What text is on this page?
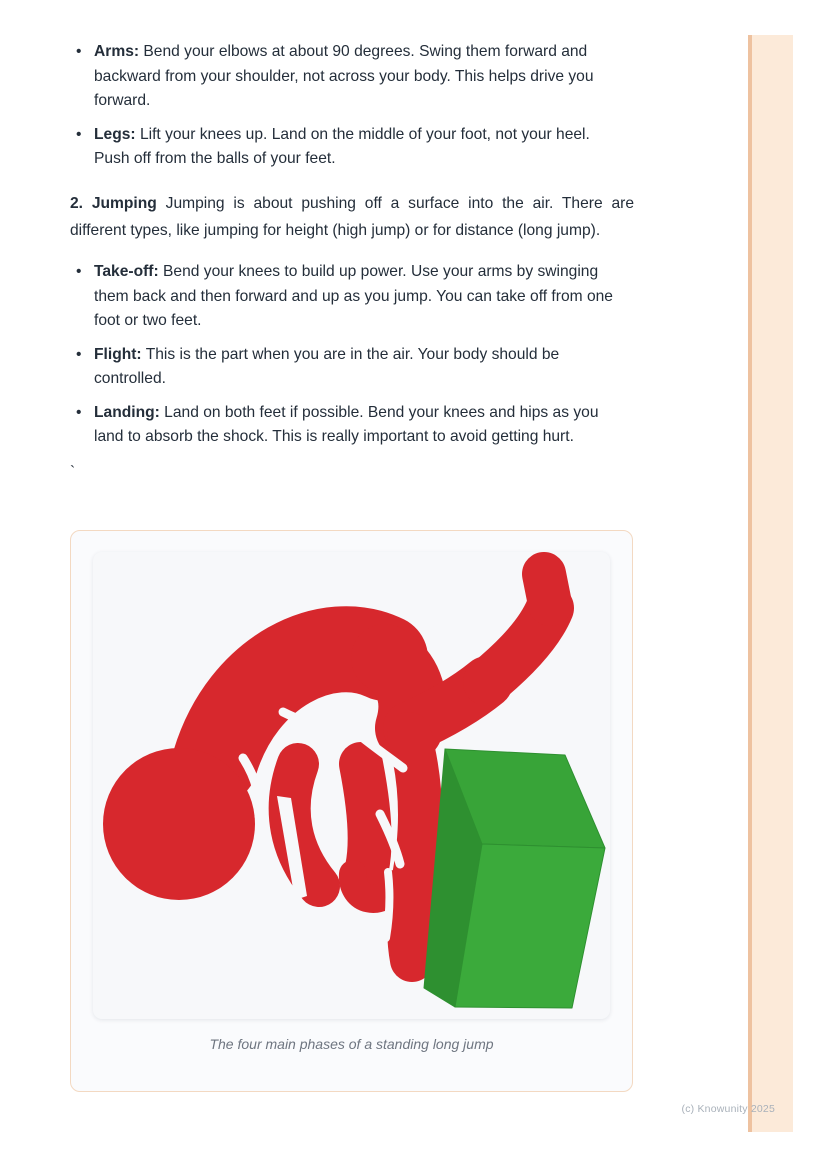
• Arms: Bend your elbows at about 90 degrees. Swing them forward and backward from your shoulder, not across your body. This helps drive you forward.
• Legs: Lift your knees up. Land on the middle of your foot, not your heel. Push off from the balls of your feet.
2. Jumping Jumping is about pushing off a surface into the air. There are different types, like jumping for height (high jump) or for distance (long jump).
• Take-off: Bend your knees to build up power. Use your arms by swinging them back and then forward and up as you jump. You can take off from one foot or two feet.
• Flight: This is the part when you are in the air. Your body should be controlled.
• Landing: Land on both feet if possible. Bend your knees and hips as you land to absorb the shock. This is really important to avoid getting hurt.
`
The four main phases of a standing long jump
(c) Knowunity 2025
